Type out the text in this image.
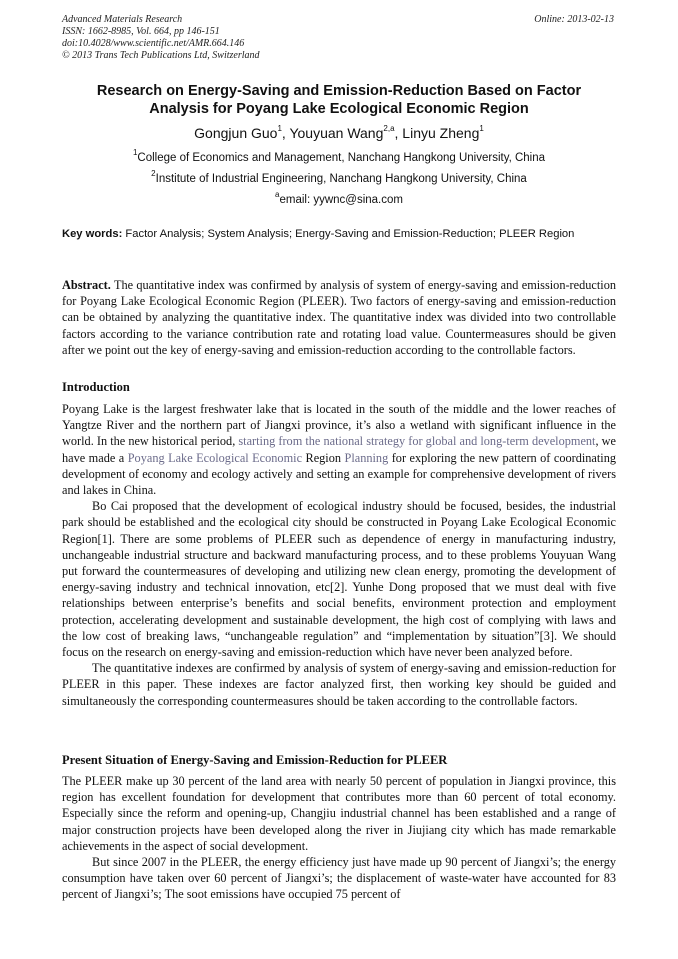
Advanced Materials Research
ISSN: 1662-8985, Vol. 664, pp 146-151
doi:10.4028/www.scientific.net/AMR.664.146
© 2013 Trans Tech Publications Ltd, Switzerland
Online: 2013-02-13
Research on Energy-Saving and Emission-Reduction Based on Factor
Analysis for Poyang Lake Ecological Economic Region
Gongjun Guo$^1$, Youyuan Wang$^{2,a}$, Linyu Zheng$^1$
$^1$College of Economics and Management, Nanchang Hangkong University, China
$^2$Institute of Industrial Engineering, Nanchang Hangkong University, China
$^a$email: yywnc@sina.com
Key words: Factor Analysis; System Analysis; Energy-Saving and Emission-Reduction; PLEER Region
Abstract. The quantitative index was confirmed by analysis of system of energy-saving and emission-reduction for Poyang Lake Ecological Economic Region (PLEER). Two factors of energy-saving and emission-reduction can be obtained by analyzing the quantitative index. The quantitative index was divided into two controllable factors according to the variance contribution rate and rotating load value. Countermeasures should be given after we point out the key of energy-saving and emission-reduction according to the controllable factors.
Introduction

Poyang Lake is the largest freshwater lake that is located in the south of the middle and the lower reaches of Yangtze River and the northern part of Jiangxi province, it’s also a wetland with significant influence in the world. In the new historical period, starting from the national strategy for global and long-term development, we have made a Poyang Lake Ecological Economic Region Planning for exploring the new pattern of coordinating development of economy and ecology actively and setting an example for comprehensive development of rivers and lakes in China.

Bo Cai proposed that the development of ecological industry should be focused, besides, the industrial park should be established and the ecological city should be constructed in Poyang Lake Ecological Economic Region[1]. There are some problems of PLEER such as dependence of energy in manufacturing industry, unchangeable industrial structure and backward manufacturing process, and to these problems Youyuan Wang put forward the countermeasures of developing and utilizing new clean energy, promoting the development of energy-saving industry and technical innovation, etc[2]. Yunhe Dong proposed that we must deal with five relationships between enterprise’s benefits and social benefits, environment protection and employment protection, accelerating development and sustainable development, the high cost of complying with laws and the low cost of breaking laws, “unchangeable regulation” and “implementation by situation”[3]. We should focus on the research on energy-saving and emission-reduction which have never been analyzed before.

The quantitative indexes are confirmed by analysis of system of energy-saving and emission-reduction for PLEER in this paper. These indexes are factor analyzed first, then working key should be guided and simultaneously the corresponding countermeasures should be taken according to the controllable factors.

Present Situation of Energy-Saving and Emission-Reduction for PLEER

The PLEER make up 30 percent of the land area with nearly 50 percent of population in Jiangxi province, this region has excellent foundation for development that contributes more than 60 percent of total economy. Especially since the reform and opening-up, Changjiu industrial channel has been established and a range of major construction projects have been developed along the river in Jiujiang city which has made remarkable achievements in the aspect of social development.

But since 2007 in the PLEER, the energy efficiency just have made up 90 percent of Jiangxi’s; the energy consumption have taken over 60 percent of Jiangxi’s; the displacement of waste-water have accounted for 83 percent of Jiangxi’s; The soot emissions have occupied 75 percent of
